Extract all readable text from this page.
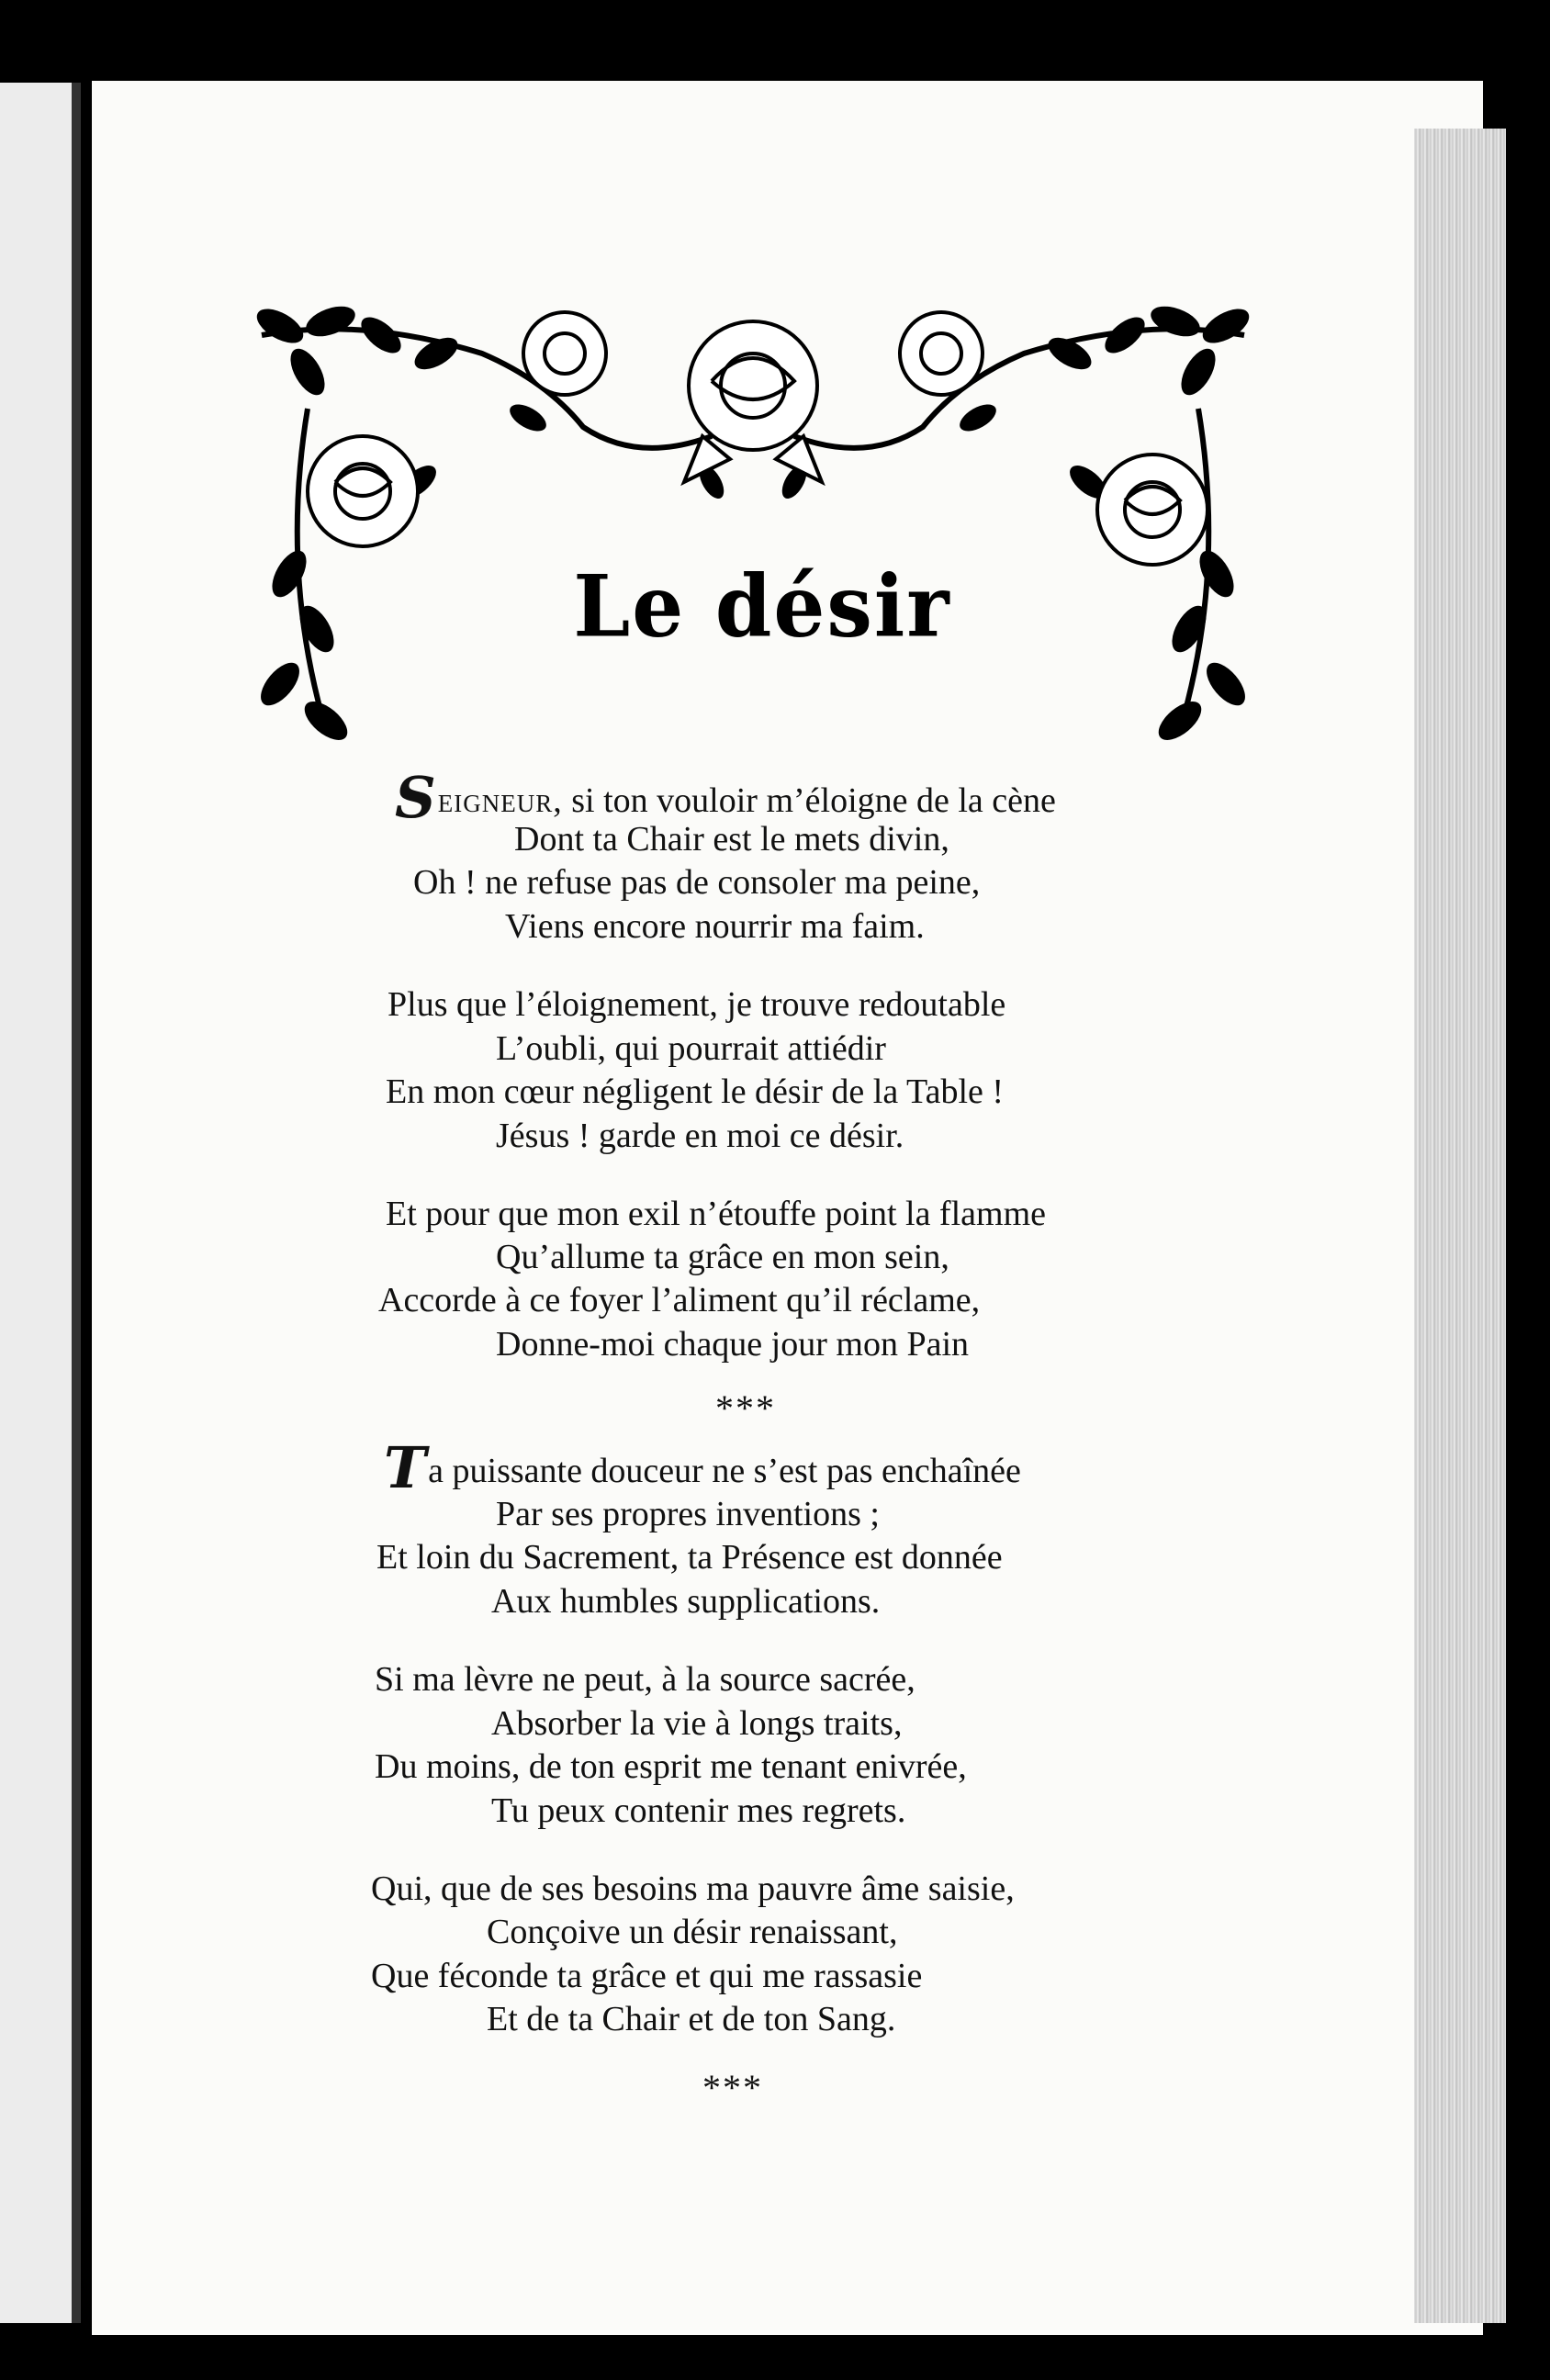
Le désir
Seigneur, si ton vouloir m’éloigne de la cène
Dont ta Chair est le mets divin,
Oh ! ne refuse pas de consoler ma peine,
Viens encore nourrir ma faim.
Plus que l’éloignement, je trouve redoutable
L’oubli, qui pourrait attiédir
En mon cœur négligent le désir de la Table !
Jésus ! garde en moi ce désir.
Et pour que mon exil n’étouffe point la flamme
Qu’allume ta grâce en mon sein,
Accorde à ce foyer l’aliment qu’il réclame,
Donne-moi chaque jour mon Pain
***
Ta puissante douceur ne s’est pas enchaînée
Par ses propres inventions ;
Et loin du Sacrement, ta Présence est donnée
Aux humbles supplications.
Si ma lèvre ne peut, à la source sacrée,
Absorber la vie à longs traits,
Du moins, de ton esprit me tenant enivrée,
Tu peux contenir mes regrets.
Qui, que de ses besoins ma pauvre âme saisie,
Conçoive un désir renaissant,
Que féconde ta grâce et qui me rassasie
Et de ta Chair et de ton Sang.
***
